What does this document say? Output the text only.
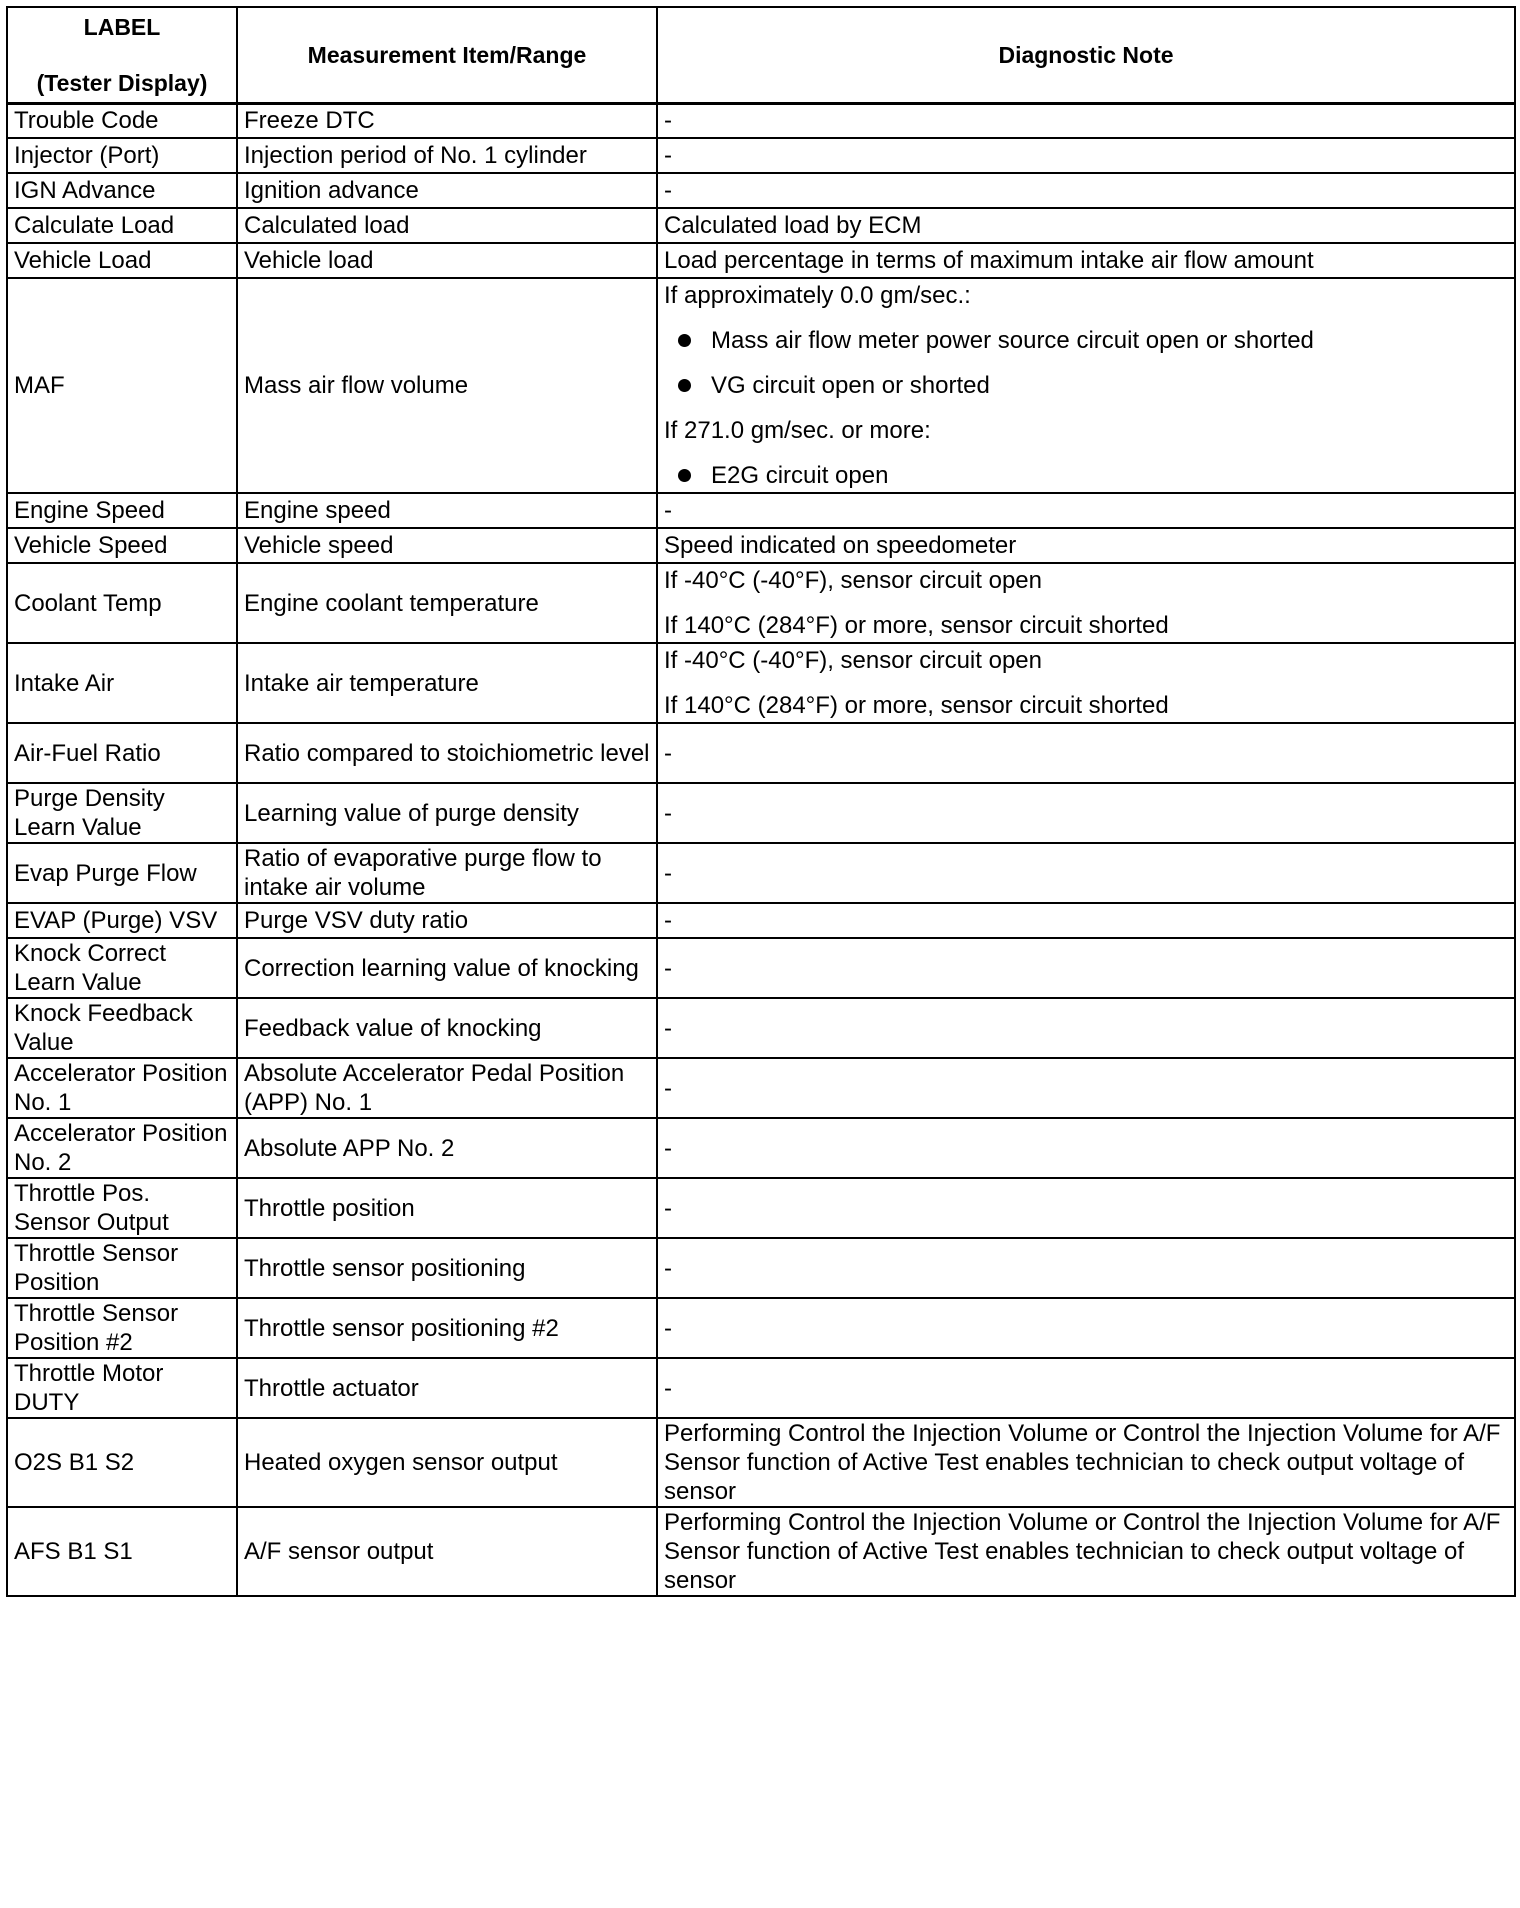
LABEL
(Tester Display)	Measurement Item/Range	Diagnostic Note
Trouble Code	Freeze DTC	-

Injector (Port)	Injection period of No. 1 cylinder	-

IGN Advance	Ignition advance	-

Calculate Load	Calculated load	Calculated load by ECM

Vehicle Load	Vehicle load	Load percentage in terms of maximum intake air flow amount

MAF	Mass air flow volume	If approximately 0.0 gm/sec.:
Mass air flow meter power source circuit open or shorted
VG circuit open or shorted
If 271.0 gm/sec. or more:
E2G circuit open

Engine Speed	Engine speed	-

Vehicle Speed	Vehicle speed	Speed indicated on speedometer

Coolant Temp	Engine coolant temperature	If -40°C (-40°F), sensor circuit open
If 140°C (284°F) or more, sensor circuit shorted

Intake Air	Intake air temperature	If -40°C (-40°F), sensor circuit open
If 140°C (284°F) or more, sensor circuit shorted

Air-Fuel Ratio	Ratio compared to stoichiometric level	-

Purge Density Learn Value	Learning value of purge density	-

Evap Purge Flow	Ratio of evaporative purge flow to intake air volume	-

EVAP (Purge) VSV	Purge VSV duty ratio	-

Knock Correct Learn Value	Correction learning value of knocking	-

Knock Feedback Value	Feedback value of knocking	-

Accelerator Position No. 1	Absolute Accelerator Pedal Position (APP) No. 1	-

Accelerator Position No. 2	Absolute APP No. 2	-

Throttle Pos. Sensor Output	Throttle position	-

Throttle Sensor Position	Throttle sensor positioning	-

Throttle Sensor Position #2	Throttle sensor positioning #2	-

Throttle Motor DUTY	Throttle actuator	-

O2S B1 S2	Heated oxygen sensor output	Performing Control the Injection Volume or Control the Injection Volume for A/F Sensor function of Active Test enables technician to check output voltage of sensor

AFS B1 S1	A/F sensor output	Performing Control the Injection Volume or Control the Injection Volume for A/F Sensor function of Active Test enables technician to check output voltage of sensor
